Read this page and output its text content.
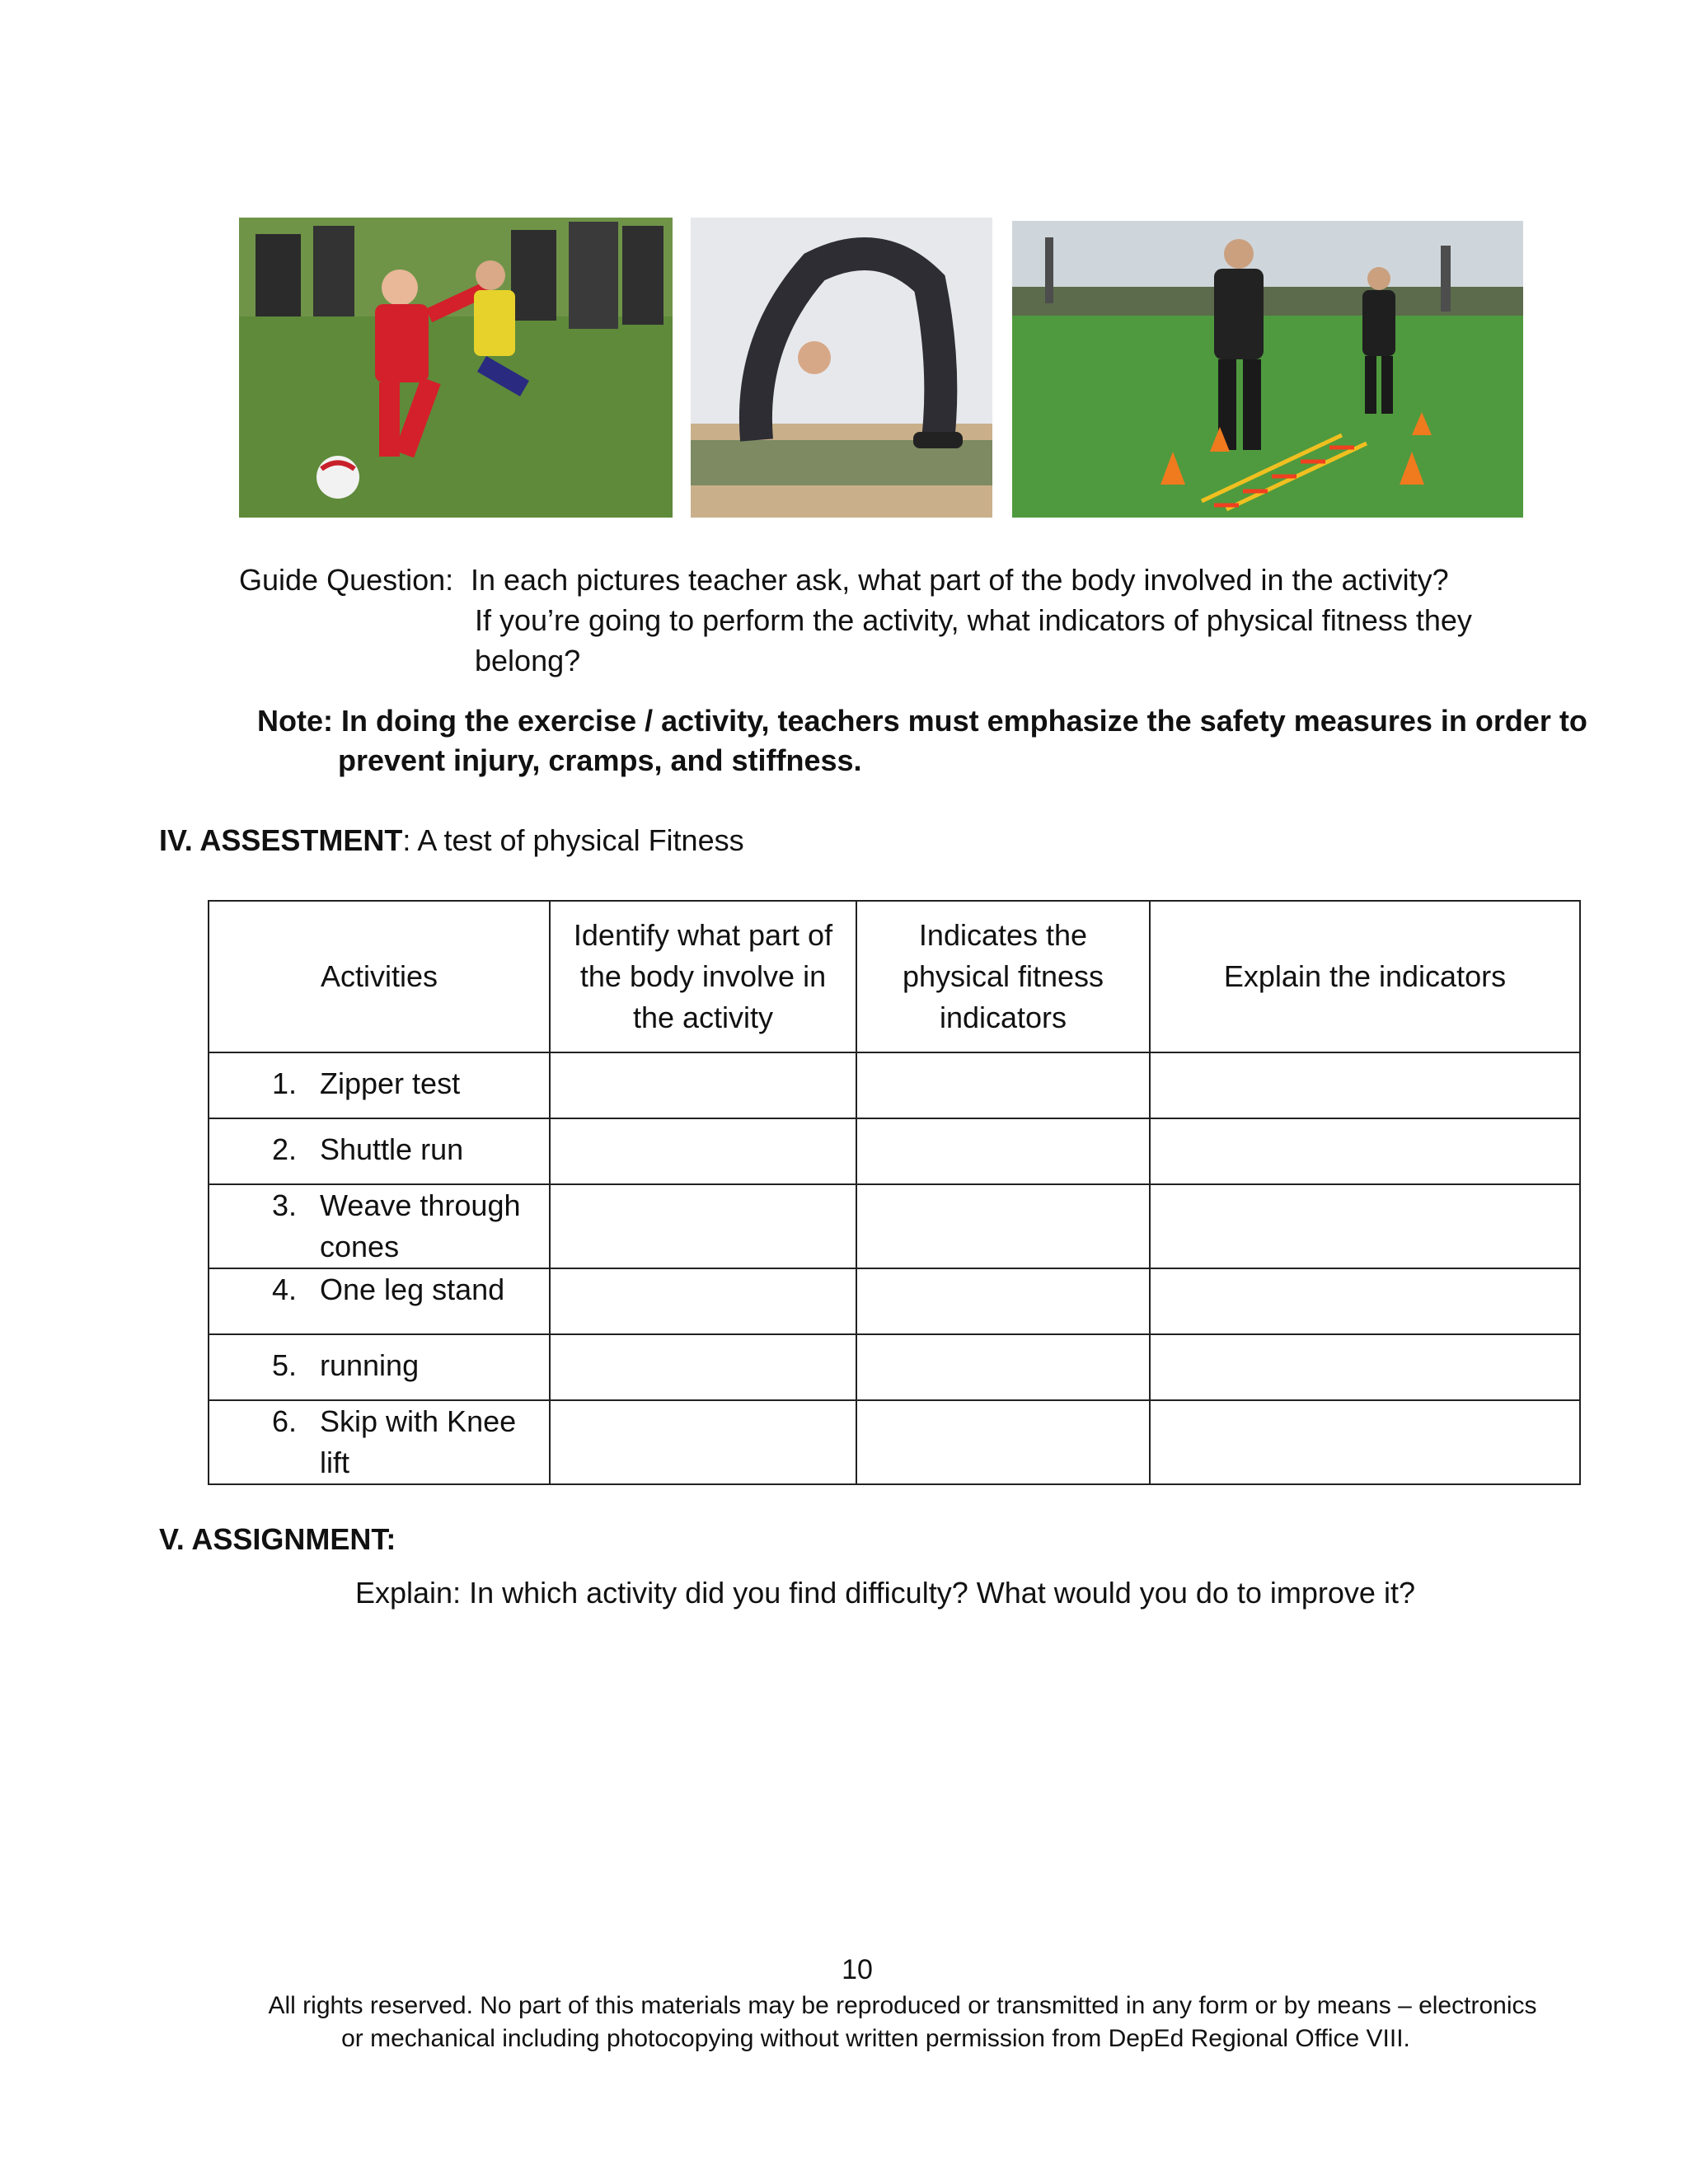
Guide Question: In each pictures teacher ask, what part of the body involved in the activity?
If you’re going to perform the activity, what indicators of physical fitness they
belong?
Note: In doing the exercise / activity, teachers must emphasize the safety measures in order to
prevent injury, cramps, and stiffness.
IV. ASSESTMENT: A test of physical Fitness
Activities	Identify what part of the body involve in the activity	Indicates the physical fitness indicators	Explain the indicators
1. Zipper test			
2. Shuttle run			
3. Weave through cones			
4. One leg stand			
5. running			
6. Skip with Knee lift			
V. ASSIGNMENT:
Explain: In which activity did you find difficulty? What would you do to improve it?
10
All rights reserved. No part of this materials may be reproduced or transmitted in any form or by means – electronics
or mechanical including photocopying without written permission from DepEd Regional Office VIII.
